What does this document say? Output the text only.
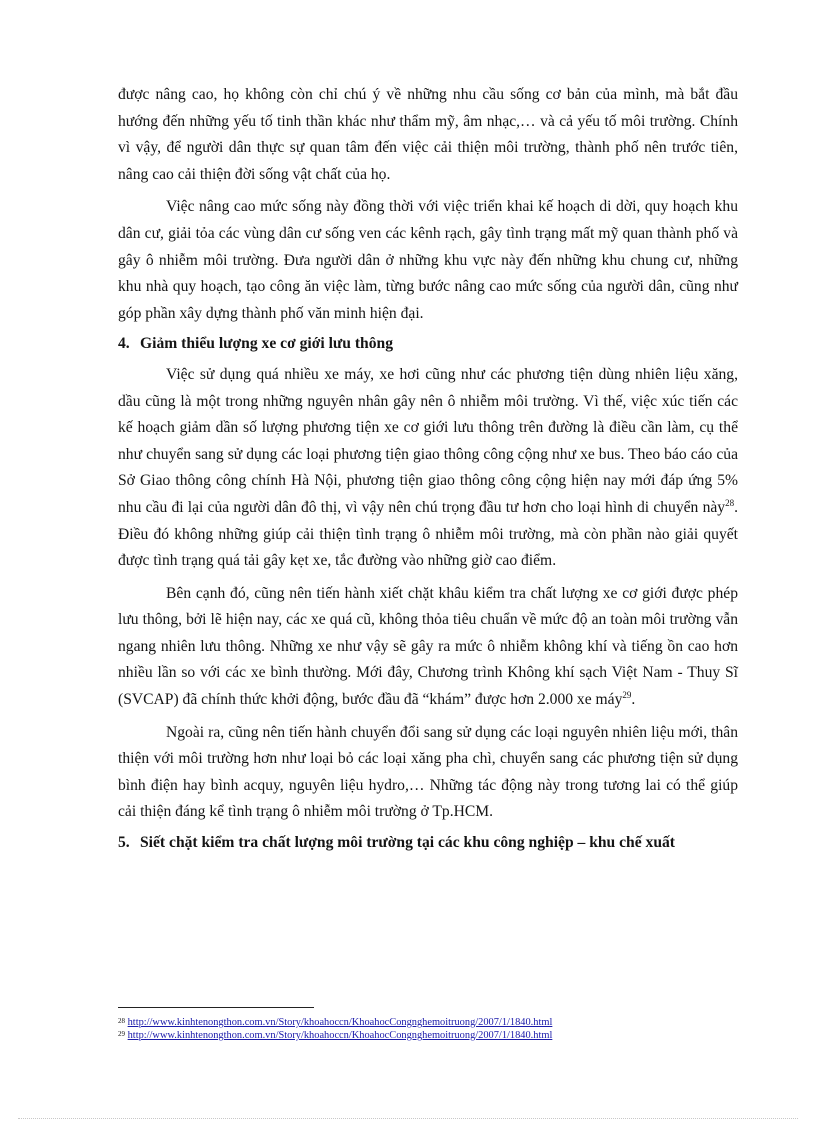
được nâng cao, họ không còn chỉ chú ý về những nhu cầu sống cơ bản của mình, mà bắt đầu hướng đến những yếu tố tinh thần khác như thẩm mỹ, âm nhạc,… và cả yếu tố môi trường. Chính vì vậy, để người dân thực sự quan tâm đến việc cải thiện môi trường, thành phố nên trước tiên, nâng cao cải thiện đời sống vật chất của họ.

Việc nâng cao mức sống này đồng thời với việc triển khai kế hoạch di dời, quy hoạch khu dân cư, giải tỏa các vùng dân cư sống ven các kênh rạch, gây tình trạng mất mỹ quan thành phố và gây ô nhiễm môi trường. Đưa người dân ở những khu vực này đến những khu chung cư, những khu nhà quy hoạch, tạo công ăn việc làm, từng bước nâng cao mức sống của người dân, cũng như góp phần xây dựng thành phố văn minh hiện đại.

4. Giảm thiểu lượng xe cơ giới lưu thông

Việc sử dụng quá nhiều xe máy, xe hơi cũng như các phương tiện dùng nhiên liệu xăng, dầu cũng là một trong những nguyên nhân gây nên ô nhiễm môi trường. Vì thế, việc xúc tiến các kế hoạch giảm dần số lượng phương tiện xe cơ giới lưu thông trên đường là điều cần làm, cụ thể như chuyển sang sử dụng các loại phương tiện giao thông công cộng như xe bus. Theo báo cáo của Sở Giao thông công chính Hà Nội, phương tiện giao thông công cộng hiện nay mới đáp ứng 5% nhu cầu đi lại của người dân đô thị, vì vậy nên chú trọng đầu tư hơn cho loại hình di chuyển này$^{28}$. Điều đó không những giúp cải thiện tình trạng ô nhiễm môi trường, mà còn phần nào giải quyết được tình trạng quá tải gây kẹt xe, tắc đường vào những giờ cao điểm.

Bên cạnh đó, cũng nên tiến hành xiết chặt khâu kiểm tra chất lượng xe cơ giới được phép lưu thông, bởi lẽ hiện nay, các xe quá cũ, không thỏa tiêu chuẩn về mức độ an toàn môi trường vẫn ngang nhiên lưu thông. Những xe như vậy sẽ gây ra mức ô nhiễm không khí và tiếng ồn cao hơn nhiều lần so với các xe bình thường. Mới đây, Chương trình Không khí sạch Việt Nam - Thuy Sĩ (SVCAP) đã chính thức khởi động, bước đầu đã “khám” được hơn 2.000 xe máy$^{29}$.

Ngoài ra, cũng nên tiến hành chuyển đổi sang sử dụng các loại nguyên nhiên liệu mới, thân thiện với môi trường hơn như loại bỏ các loại xăng pha chì, chuyển sang các phương tiện sử dụng bình điện hay bình acquy, nguyên liệu hydro,… Những tác động này trong tương lai có thể giúp cải thiện đáng kể tình trạng ô nhiễm môi trường ở Tp.HCM.

5. Siết chặt kiểm tra chất lượng môi trường tại các khu công nghiệp – khu chế xuất

$^{28}$ http://www.kinhtenongthon.com.vn/Story/khoahoccn/KhoahocCongnghemoitruong/2007/1/1840.html
$^{29}$ http://www.kinhtenongthon.com.vn/Story/khoahoccn/KhoahocCongnghemoitruong/2007/1/1840.html
